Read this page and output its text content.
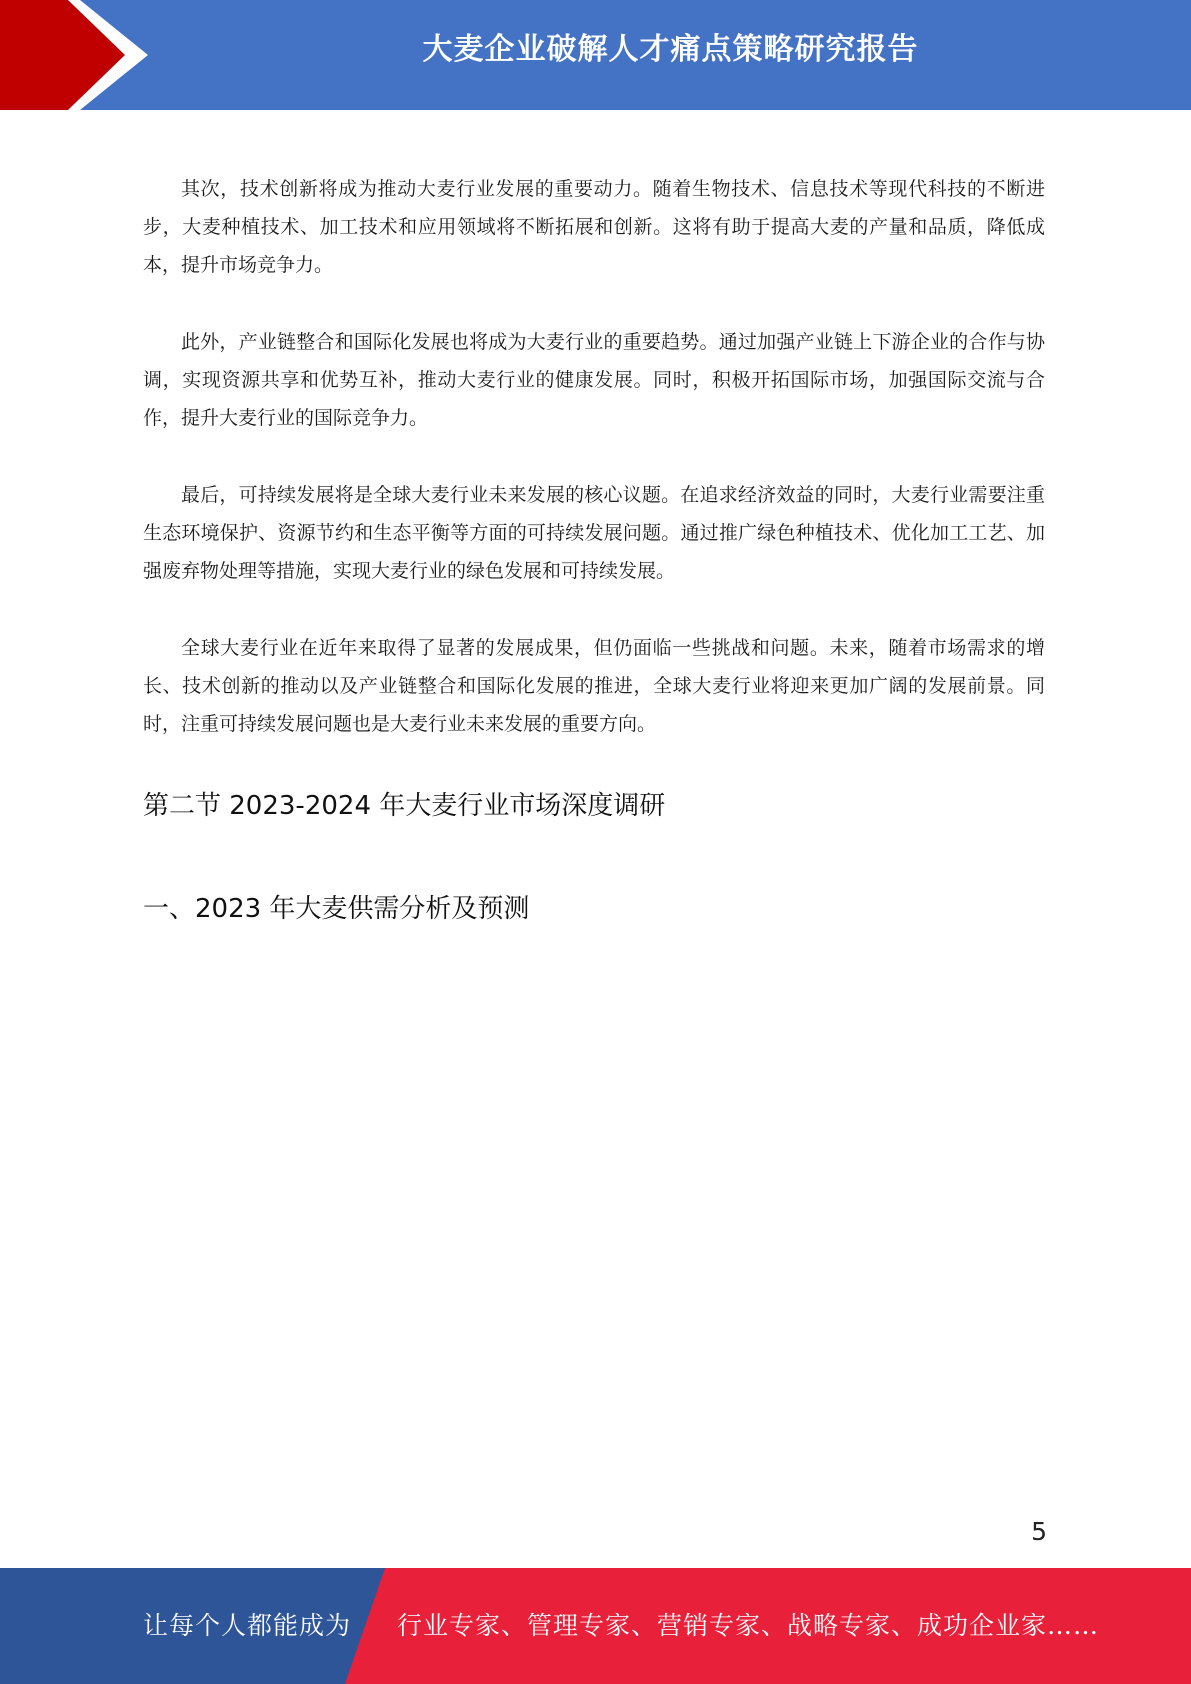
大麦企业破解人才痛点策略研究报告

其次，技术创新将成为推动大麦行业发展的重要动力。随着生物技术、信息技术等现代科技的不断进步，大麦种植技术、加工技术和应用领域将不断拓展和创新。这将有助于提高大麦的产量和品质，降低成本，提升市场竞争力。

此外，产业链整合和国际化发展也将成为大麦行业的重要趋势。通过加强产业链上下游企业的合作与协调，实现资源共享和优势互补，推动大麦行业的健康发展。同时，积极开拓国际市场，加强国际交流与合作，提升大麦行业的国际竞争力。

最后，可持续发展将是全球大麦行业未来发展的核心议题。在追求经济效益的同时，大麦行业需要注重生态环境保护、资源节约和生态平衡等方面的可持续发展问题。通过推广绿色种植技术、优化加工工艺、加强废弃物处理等措施，实现大麦行业的绿色发展和可持续发展。

全球大麦行业在近年来取得了显著的发展成果，但仍面临一些挑战和问题。未来，随着市场需求的增长、技术创新的推动以及产业链整合和国际化发展的推进，全球大麦行业将迎来更加广阔的发展前景。同时，注重可持续发展问题也是大麦行业未来发展的重要方向。

第二节 2023-2024 年大麦行业市场深度调研
一、2023 年大麦供需分析及预测
5
让每个人都能成为 行业专家、管理专家、营销专家、战略专家、成功企业家……
